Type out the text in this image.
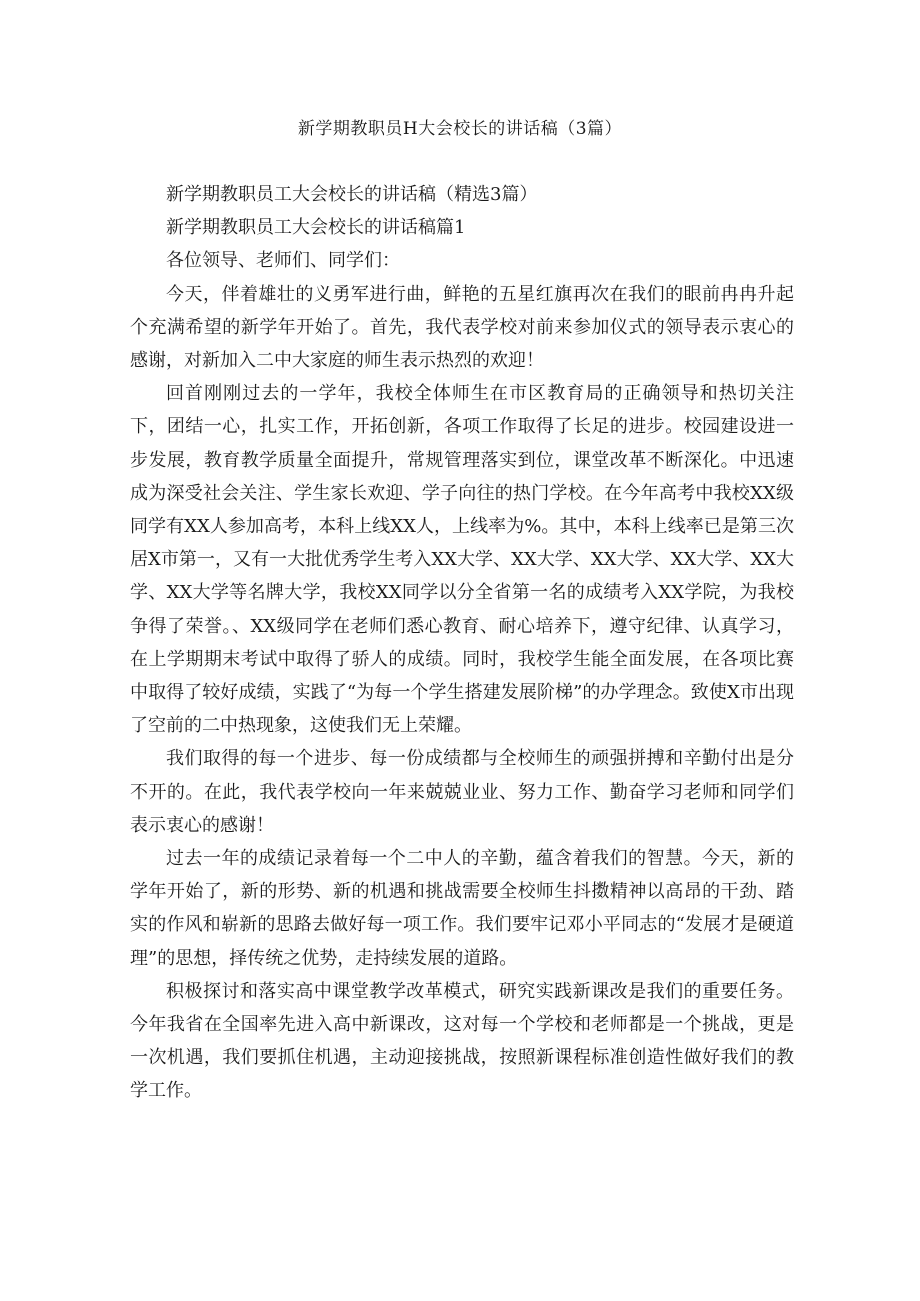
新学期教职员H大会校长的讲话稿（3篇）

新学期教职员工大会校长的讲话稿（精选3篇）

新学期教职员工大会校长的讲话稿篇1

各位领导、老师们、同学们：

今天，伴着雄壮的义勇军进行曲，鲜艳的五星红旗再次在我们的眼前冉冉升起个充满希望的新学年开始了。首先，我代表学校对前来参加仪式的领导表示衷心的感谢，对新加入二中大家庭的师生表示热烈的欢迎！

回首刚刚过去的一学年，我校全体师生在市区教育局的正确领导和热切关注下，团结一心，扎实工作，开拓创新，各项工作取得了长足的进步。校园建设进一步发展，教育教学质量全面提升，常规管理落实到位，课堂改革不断深化。中迅速成为深受社会关注、学生家长欢迎、学子向往的热门学校。在今年高考中我校XX级同学有XX人参加高考，本科上线XX人，上线率为%。其中，本科上线率已是第三次居X市第一，又有一大批优秀学生考入XX大学、XX大学、XX大学、XX大学、XX大学、XX大学等名牌大学，我校XX同学以分全省第一名的成绩考入XX学院，为我校争得了荣誉。、XX级同学在老师们悉心教育、耐心培养下，遵守纪律、认真学习，在上学期期末考试中取得了骄人的成绩。同时，我校学生能全面发展，在各项比赛中取得了较好成绩，实践了“为每一个学生搭建发展阶梯”的办学理念。致使X市出现了空前的二中热现象，这使我们无上荣耀。

我们取得的每一个进步、每一份成绩都与全校师生的顽强拼搏和辛勤付出是分不开的。在此，我代表学校向一年来兢兢业业、努力工作、勤奋学习老师和同学们表示衷心的感谢！

过去一年的成绩记录着每一个二中人的辛勤，蕴含着我们的智慧。今天，新的学年开始了，新的形势、新的机遇和挑战需要全校师生抖擞精神以高昂的干劲、踏实的作风和崭新的思路去做好每一项工作。我们要牢记邓小平同志的“发展才是硬道理”的思想，择传统之优势，走持续发展的道路。

积极探讨和落实高中课堂教学改革模式，研究实践新课改是我们的重要任务。今年我省在全国率先进入高中新课改，这对每一个学校和老师都是一个挑战，更是一次机遇，我们要抓住机遇，主动迎接挑战，按照新课程标准创造性做好我们的教学工作。
